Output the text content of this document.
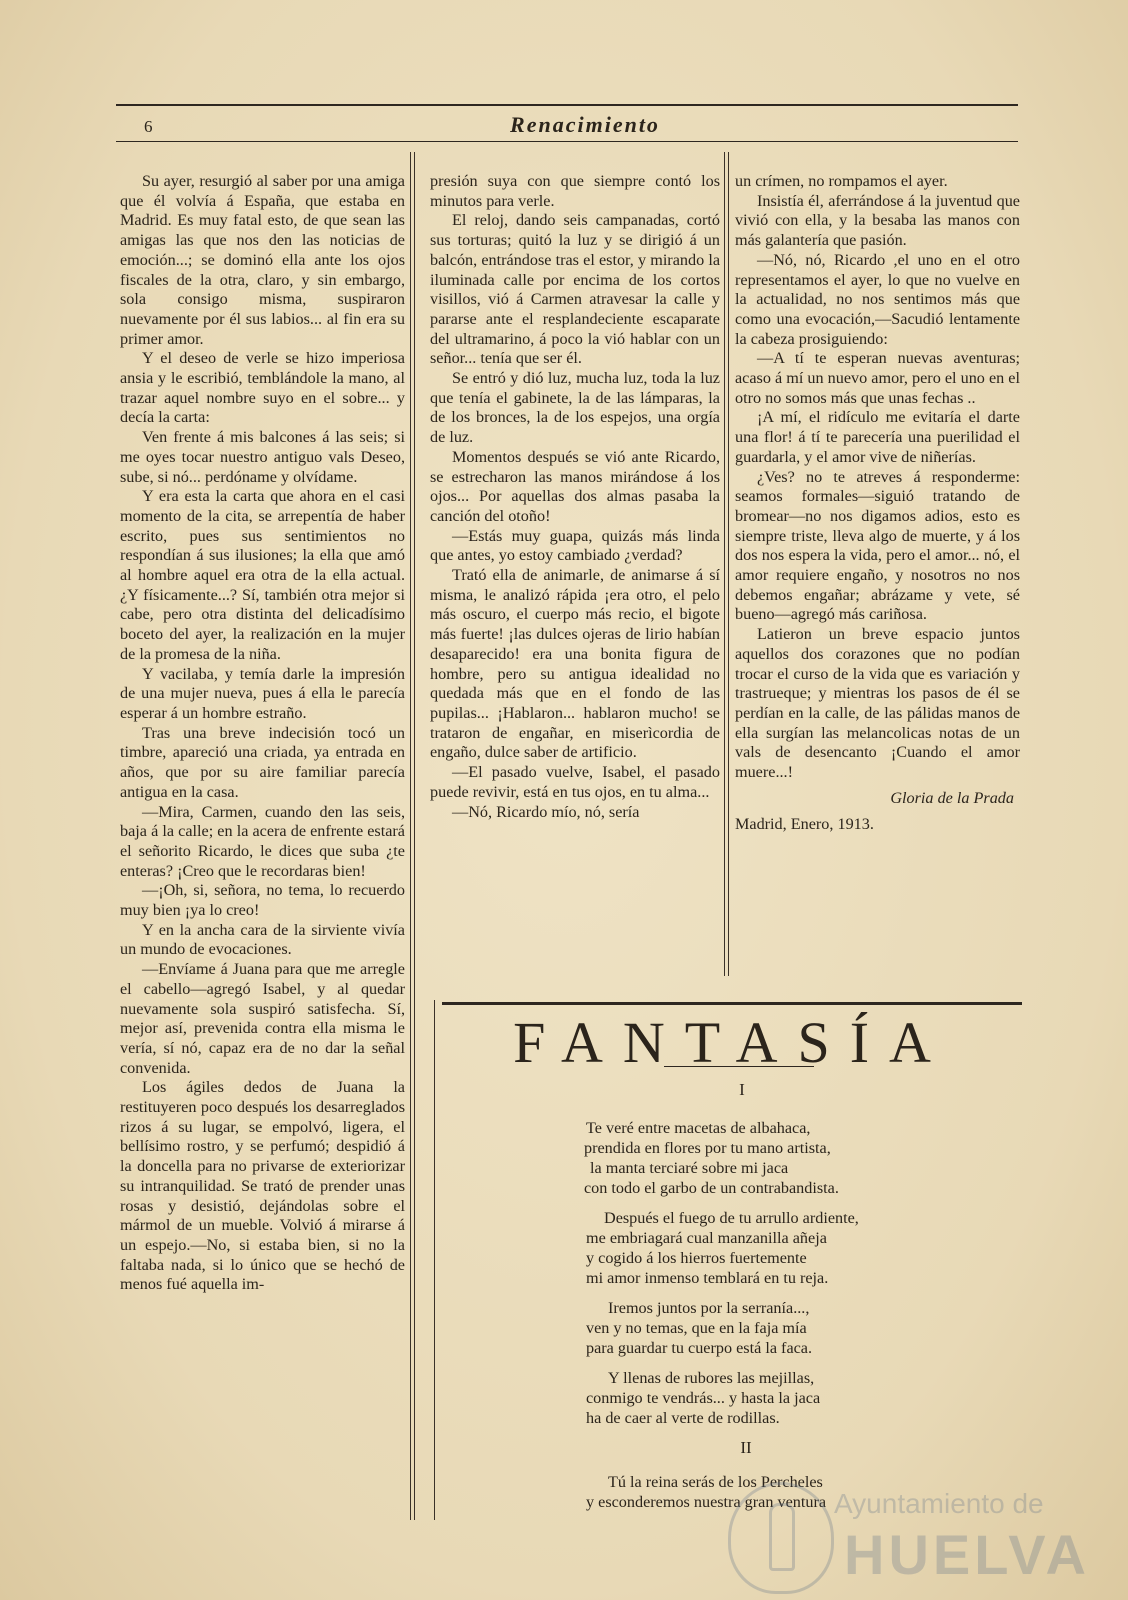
6	Renacimiento

Su ayer, resurgió al saber por una amiga que él volvía á España, que estaba en Madrid. Es muy fatal esto, de que sean las amigas las que nos den las noticias de emoción...; se dominó ella ante los ojos fiscales de la otra, claro, y sin embargo, sola consigo misma, suspiraron nuevamente por él sus labios... al fin era su primer amor.

Y el deseo de verle se hizo imperiosa ansia y le escribió, temblándole la mano, al trazar aquel nombre suyo en el sobre... y decía la carta:

Ven frente á mis balcones á las seis; si me oyes tocar nuestro antiguo vals Deseo, sube, si nó... perdóname y olvídame.

Y era esta la carta que ahora en el casi momento de la cita, se arrepentía de haber escrito, pues sus sentimientos no respondían á sus ilusiones; la ella que amó al hombre aquel era otra de la ella actual. ¿Y físicamente...? Sí, también otra mejor si cabe, pero otra distinta del delicadísimo boceto del ayer, la realización en la mujer de la promesa de la niña.

Y vacilaba, y temía darle la impresión de una mujer nueva, pues á ella le parecía esperar á un hombre estraño.

Tras una breve indecisión tocó un timbre, apareció una criada, ya entrada en años, que por su aire familiar parecía antigua en la casa.

—Mira, Carmen, cuando den las seis, baja á la calle; en la acera de enfrente estará el señorito Ricardo, le dices que suba ¿te enteras? ¡Creo que le recordaras bien!

—¡Oh, si, señora, no tema, lo recuerdo muy bien ¡ya lo creo!

Y en la ancha cara de la sirviente vivía un mundo de evocaciones.

—Envíame á Juana para que me arregle el cabello—agregó Isabel, y al quedar nuevamente sola suspiró satisfecha. Sí, mejor así, prevenida contra ella misma le vería, sí nó, capaz era de no dar la señal convenida.

Los ágiles dedos de Juana la restituyeren poco después los desarreglados rizos á su lugar, se empolvó, ligera, el bellísimo rostro, y se perfumó; despidió á la doncella para no privarse de exteriorizar su intranquilidad. Se trató de prender unas rosas y desistió, dejándolas sobre el mármol de un mueble. Volvió á mirarse á un espejo.—No, si estaba bien, si no la faltaba nada, si lo único que se hechó de menos fué aquella im-

presión suya con que siempre contó los minutos para verle.

El reloj, dando seis campanadas, cortó sus torturas; quitó la luz y se dirigió á un balcón, entrándose tras el estor, y mirando la iluminada calle por encima de los cortos visillos, vió á Carmen atravesar la calle y pararse ante el resplandeciente escaparate del ultramarino, á poco la vió hablar con un señor... tenía que ser él.

Se entró y dió luz, mucha luz, toda la luz que tenía el gabinete, la de las lámparas, la de los bronces, la de los espejos, una orgía de luz.

Momentos después se vió ante Ricardo, se estrecharon las manos mirándose á los ojos... Por aquellas dos almas pasaba la canción del otoño!

—Estás muy guapa, quizás más linda que antes, yo estoy cambiado ¿verdad?

Trató ella de animarle, de animarse á sí misma, le analizó rápida ¡era otro, el pelo más oscuro, el cuerpo más recio, el bigote más fuerte! ¡las dulces ojeras de lirio habían desaparecido! era una bonita figura de hombre, pero su antigua idealidad no quedada más que en el fondo de las pupilas... ¡Hablaron... hablaron mucho! se trataron de engañar, en miserìcordia de engaño, dulce saber de artificio.

—El pasado vuelve, Isabel, el pasado puede revivir, está en tus ojos, en tu alma...

—Nó, Ricardo mío, nó, sería

un crímen, no rompamos el ayer.

Insistía él, aferrándose á la juventud que vivió con ella, y la besaba las manos con más galantería que pasión.

—Nó, nó, Ricardo ,el uno en el otro representamos el ayer, lo que no vuelve en la actualidad, no nos sentimos más que como una evocación,—Sacudió lentamente la cabeza prosiguiendo:

—A tí te esperan nuevas aventuras; acaso á mí un nuevo amor, pero el uno en el otro no somos más que unas fechas ..

¡A mí, el ridículo me evitaría el darte una flor! á tí te parecería una puerilidad el guardarla, y el amor vive de niñerías.

¿Ves? no te atreves á responderme: seamos formales—siguió tratando de bromear—no nos digamos adios, esto es siempre triste, lleva algo de muerte, y á los dos nos espera la vida, pero el amor... nó, el amor requiere engaño, y nosotros no nos debemos engañar; abrázame y vete, sé bueno—agregó más cariñosa.

Latieron un breve espacio juntos aquellos dos corazones que no podían trocar el curso de la vida que es variación y trastrueque; y mientras los pasos de él se perdían en la calle, de las pálidas manos de ella surgían las melancolicas notas de un vals de desencanto ¡Cuando el amor muere...!

Gloria de la Prada

Madrid, Enero, 1913.

FANTASÍA
I
Te veré entre macetas de albahaca,
prendida en flores por tu mano artista,
la manta terciaré sobre mi jaca
con todo el garbo de un contrabandista.
Después el fuego de tu arrullo ardiente,
me embriagará cual manzanilla añeja
y cogido á los hierros fuertemente
mi amor inmenso temblará en tu reja.
Iremos juntos por la serranía...,
ven y no temas, que en la faja mía
para guardar tu cuerpo está la faca.
Y llenas de rubores las mejillas,
conmigo te vendrás... y hasta la jaca
ha de caer al verte de rodillas.
II
Tú la reina serás de los Percheles
y esconderemos nuestra gran ventura Ayuntamiento de
HUELVA
